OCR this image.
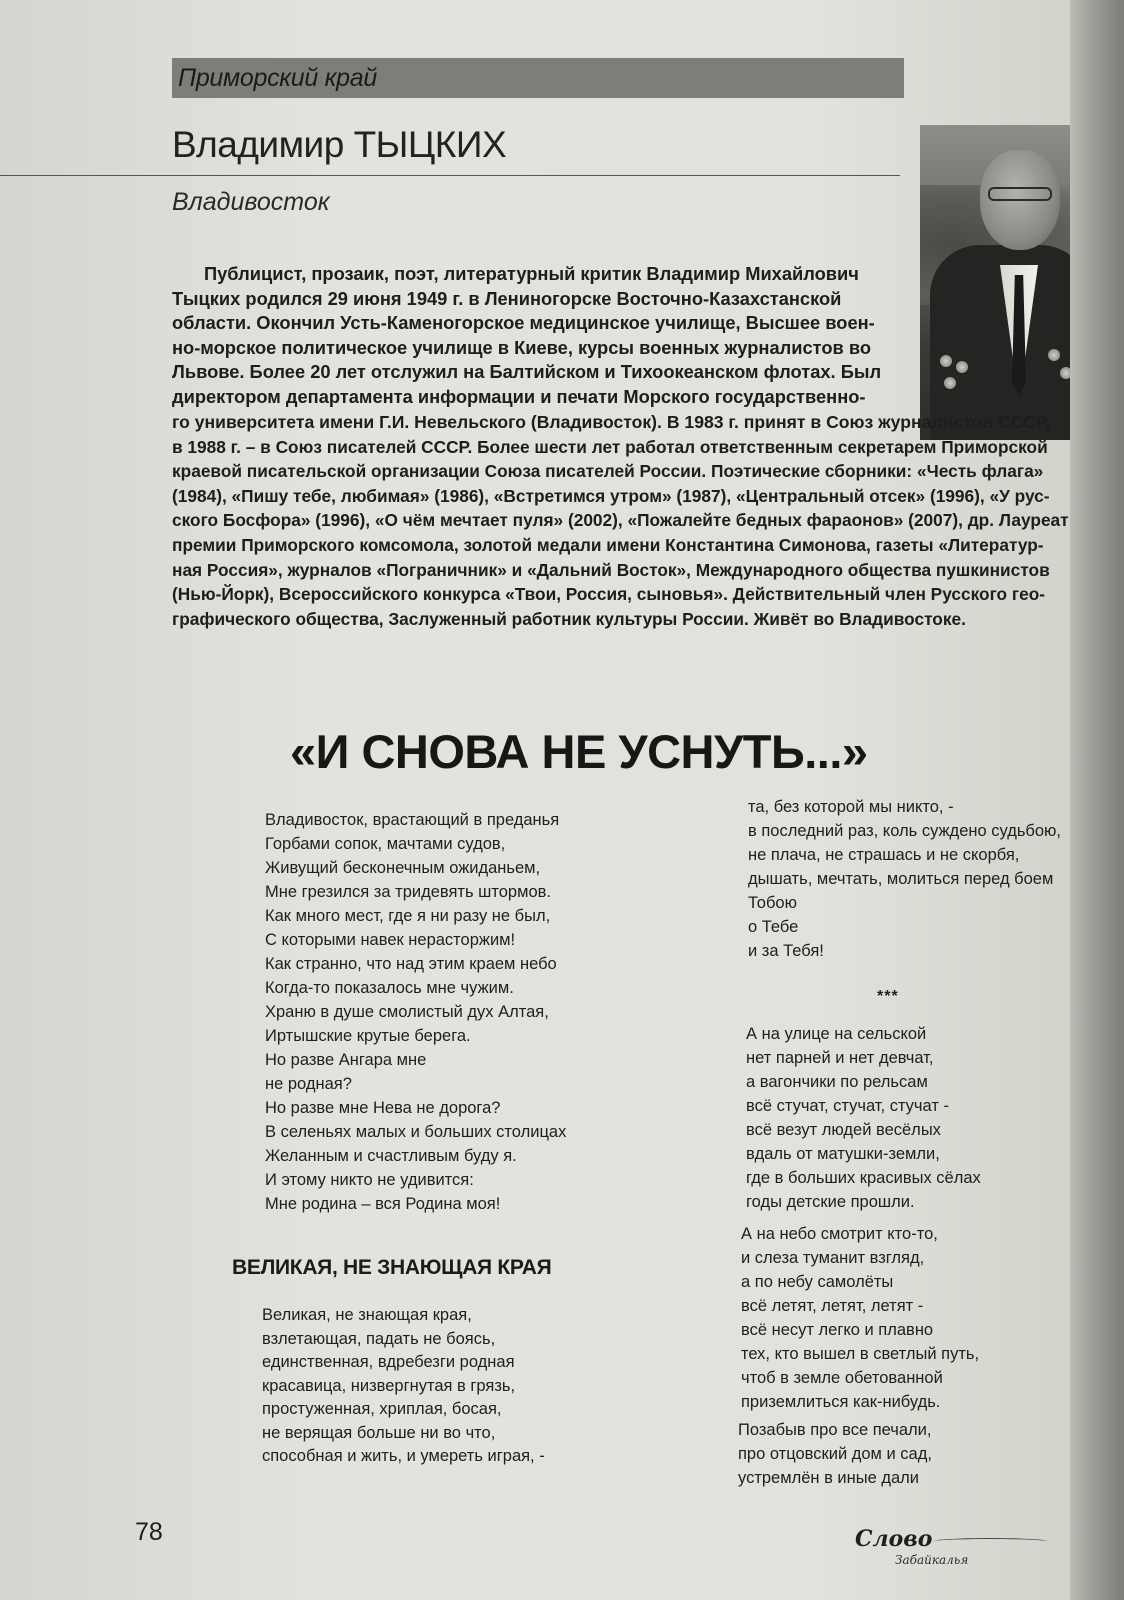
Приморский край
Владимир ТЫЦКИХ
Владивосток
Публицист, прозаик, поэт, литературный критик Владимир Михайлович
Тыцких родился 29 июня 1949 г. в Лениногорске Восточно-Казахстанской
области. Окончил Усть-Каменогорское медицинское училище, Высшее воен-
но-морское политическое училище в Киеве, курсы военных журналистов во
Львове. Более 20 лет отслужил на Балтийском и Тихоокеанском флотах. Был
директором департамента информации и печати Морского государственно-
го университета имени Г.И. Невельского (Владивосток). В 1983 г. принят в Союз журналистов СССР,
в 1988 г. – в Союз писателей СССР. Более шести лет работал ответственным секретарем Приморской
краевой писательской организации Союза писателей России. Поэтические сборники: «Честь флага»
(1984), «Пишу тебе, любимая» (1986), «Встретимся утром» (1987), «Центральный отсек» (1996), «У рус-
ского Босфора» (1996), «О чём мечтает пуля» (2002), «Пожалейте бедных фараонов» (2007), др. Лауреат
премии Приморского комсомола, золотой медали имени Константина Симонова, газеты «Литератур-
ная Россия», журналов «Пограничник» и «Дальний Восток», Международного общества пушкинистов
(Нью-Йорк), Всероссийского конкурса «Твои, Россия, сыновья». Действительный член Русского гео-
графического общества, Заслуженный работник культуры России. Живёт во Владивостоке.
«И СНОВА НЕ УСНУТЬ...»
Владивосток, врастающий в преданья
Горбами сопок, мачтами судов,
Живущий бесконечным ожиданьем,
Мне грезился за тридевять штормов.
Как много мест, где я ни разу не был,
С которыми навек нерасторжим!
Как странно, что над этим краем небо
Когда-то показалось мне чужим.
Храню в душе смолистый дух Алтая,
Иртышские крутые берега.
Но разве Ангара мне
не родная?
Но разве мне Нева не дорога?
В селеньях малых и больших столицах
Желанным и счастливым буду я.
И этому никто не удивится:
Мне родина – вся Родина моя!
ВЕЛИКАЯ, НЕ ЗНАЮЩАЯ КРАЯ
Великая, не знающая края,
взлетающая, падать не боясь,
единственная, вдребезги родная
красавица, низвергнутая в грязь,
простуженная, хриплая, босая,
не верящая больше ни во что,
способная и жить, и умереть играя, -
та, без которой мы никто, -
в последний раз, коль суждено судьбою,
не плача, не страшась и не скорбя,
дышать, мечтать, молиться перед боем
Тобою
о Тебе
и за Тебя!
***
А на улице на сельской
нет парней и нет девчат,
а вагончики по рельсам
всё стучат, стучат, стучат -
всё везут людей весёлых
вдаль от матушки-земли,
где в больших красивых сёлах
годы детские прошли.
А на небо смотрит кто-то,
и слеза туманит взгляд,
а по небу самолёты
всё летят, летят, летят -
всё несут легко и плавно
тех, кто вышел в светлый путь,
чтоб в земле обетованной
приземлиться как-нибудь.
Позабыв про все печали,
про отцовский дом и сад,
устремлён в иные дали
78	Слово
Забайкалья
